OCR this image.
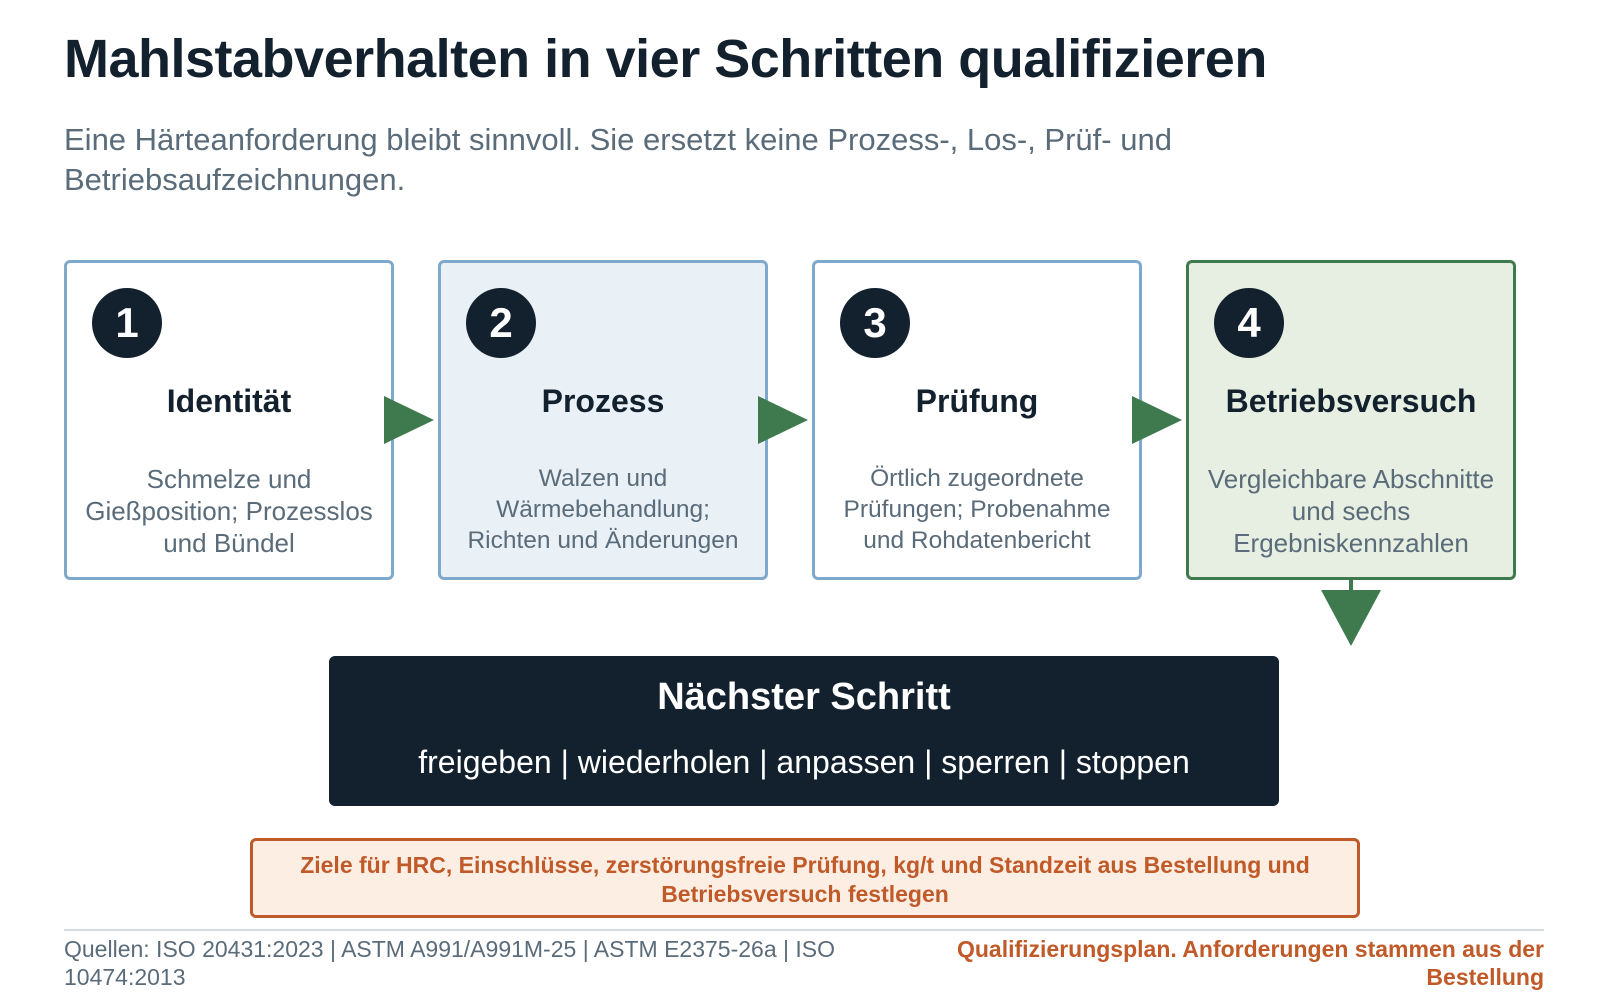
Mahlstabverhalten in vier Schritten qualifizieren

Eine Härteanforderung bleibt sinnvoll. Sie ersetzt keine Prozess-, Los-, Prüf- und Betriebsaufzeichnungen.

1
Identität
Schmelze und Gießposition; Prozesslos und Bündel
2
Prozess
Walzen und Wärmebehandlung; Richten und Änderungen
3
Prüfung
Örtlich zugeordnete Prüfungen; Probenahme und Rohdatenbericht
4
Betriebsversuch
Vergleichbare Abschnitte und sechs Ergebniskennzahlen
Nächster Schritt
freigeben | wiederholen | anpassen | sperren | stoppen
Ziele für HRC, Einschlüsse, zerstörungsfreie Prüfung, kg/t und Standzeit aus Bestellung und Betriebsversuch festlegen
Quellen: ISO 20431:2023 | ASTM A991/A991M-25 | ASTM E2375-26a | ISO 10474:2013
Qualifizierungsplan. Anforderungen stammen aus der Bestellung
